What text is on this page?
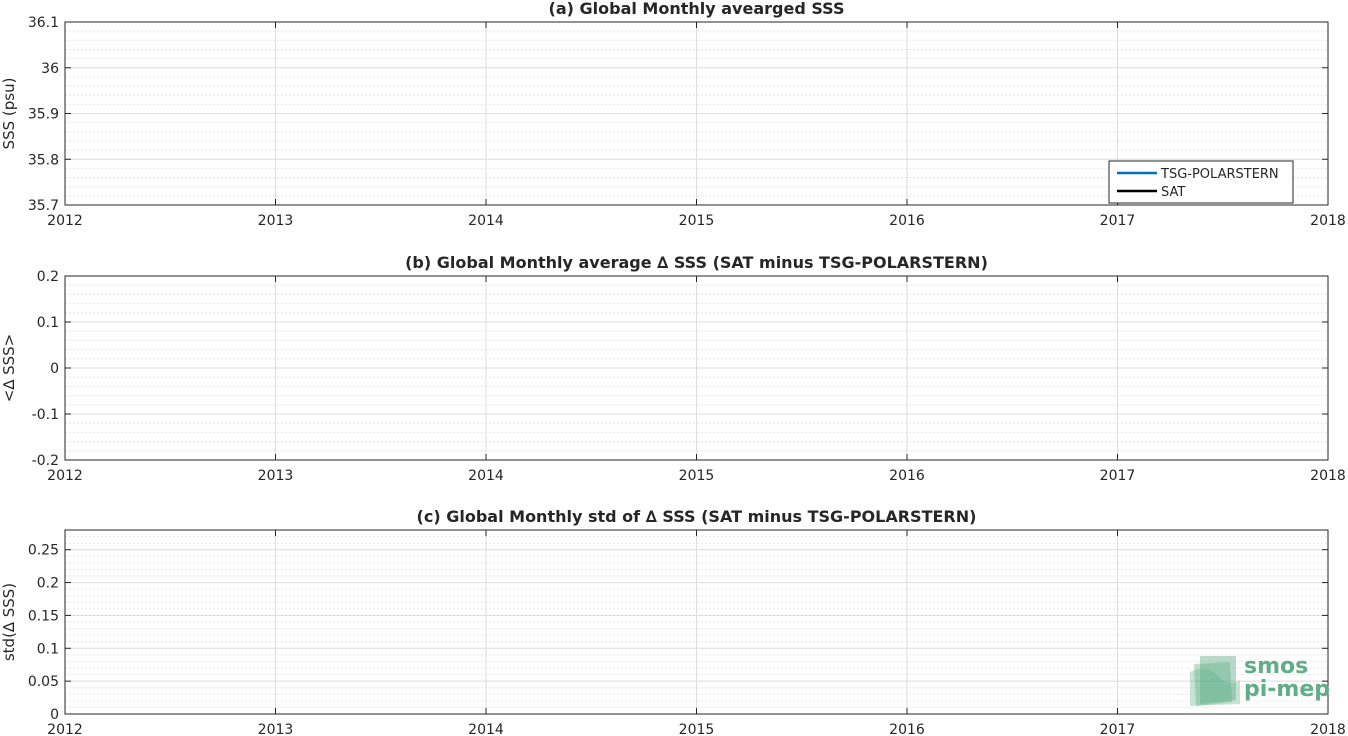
2012	2013	2014	2015	2016	2017	2018
35.7
35.8
35.9
36
36.1
(a) Global Monthly avearged SSS
SSS (psu)
TSG-POLARSTERN
SAT
2012	2013	2014	2015	2016	2017	2018
-0.2
-0.1
0
0.1
0.2
(b) Global Monthly average ∆ SSS (SAT minus TSG-POLARSTERN)
<∆ SSS>
2012	2013	2014	2015	2016	2017	2018
0
0.05
0.1
0.15
0.2
0.25
(c) Global Monthly std of ∆ SSS (SAT minus TSG-POLARSTERN)
std(∆ SSS)
smos
pi-mep
